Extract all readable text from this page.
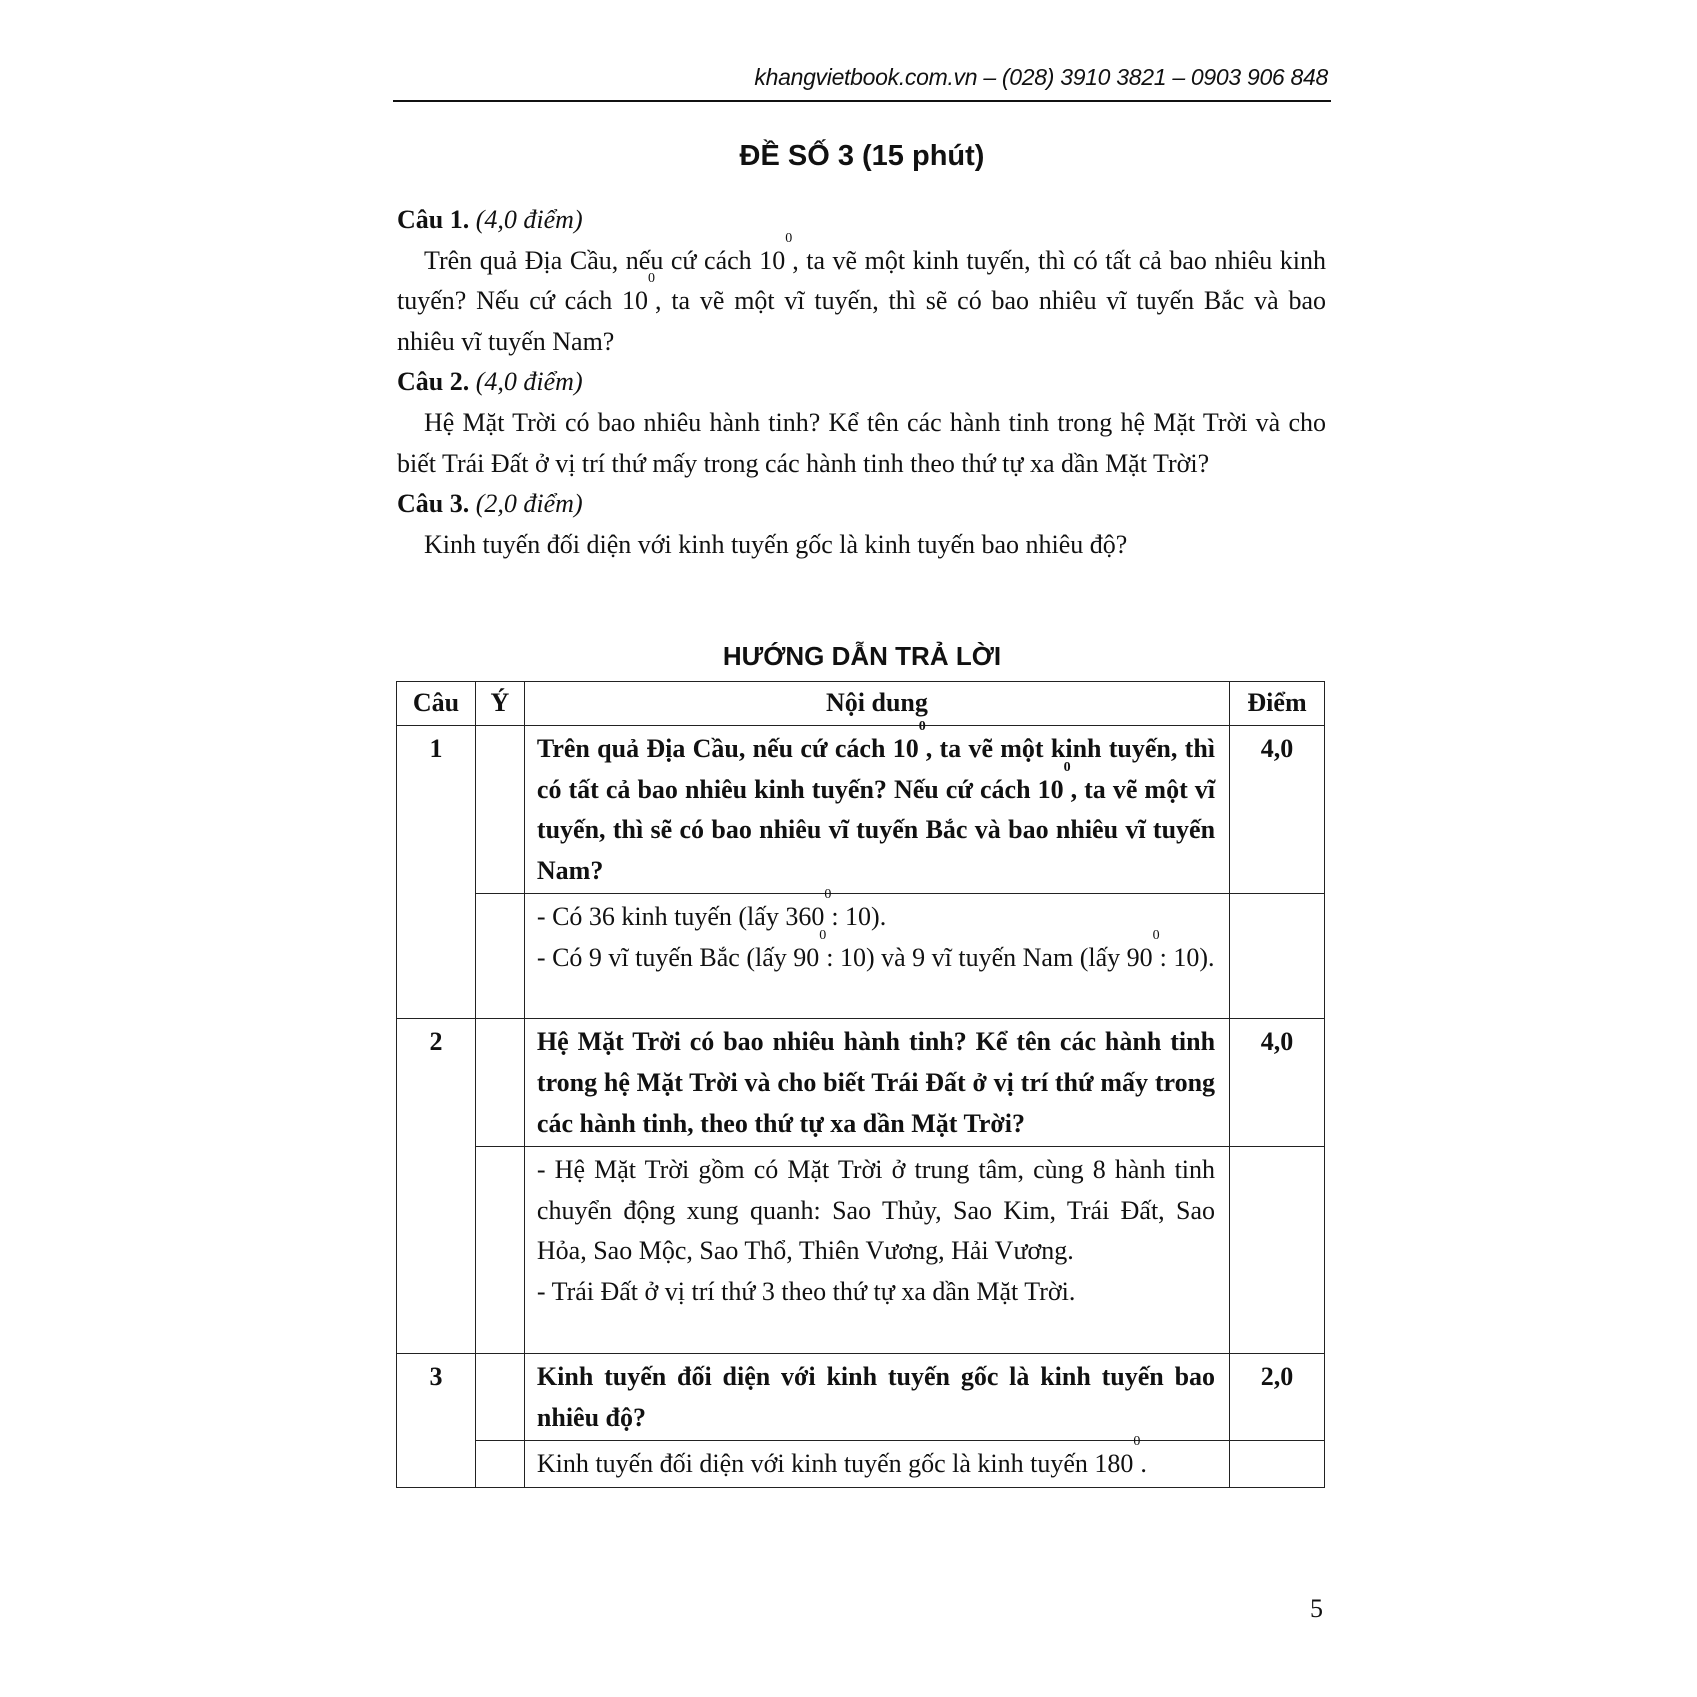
khangvietbook.com.vn – (028) 3910 3821 – 0903 906 848
ĐỀ SỐ 3 (15 phút)

Câu 1. (4,0 điểm)

Trên quả Địa Cầu, nếu cứ cách $10^0$, ta vẽ một kinh tuyến, thì có tất cả bao nhiêu kinh tuyến? Nếu cứ cách $10^0$, ta vẽ một vĩ tuyến, thì sẽ có bao nhiêu vĩ tuyến Bắc và bao nhiêu vĩ tuyến Nam?

Câu 2. (4,0 điểm)

Hệ Mặt Trời có bao nhiêu hành tinh? Kể tên các hành tinh trong hệ Mặt Trời và cho biết Trái Đất ở vị trí thứ mấy trong các hành tinh theo thứ tự xa dần Mặt Trời?

Câu 3. (2,0 điểm)

Kinh tuyến đối diện với kinh tuyến gốc là kinh tuyến bao nhiêu độ?

HƯỚNG DẪN TRẢ LỜI
Câu	Ý	Nội dung	Điểm
1		Trên quả Địa Cầu, nếu cứ cách $10^0$, ta vẽ một kinh tuyến, thì có tất cả bao nhiêu kinh tuyến? Nếu cứ cách $10^0$, ta vẽ một vĩ tuyến, thì sẽ có bao nhiêu vĩ tuyến Bắc và bao nhiêu vĩ tuyến Nam?	4,0

		- Có 36 kinh tuyến (lấy $360^0$: 10).
- Có 9 vĩ tuyến Bắc (lấy $90^0$: 10) và 9 vĩ tuyến Nam (lấy $90^0$: 10).	

2		Hệ Mặt Trời có bao nhiêu hành tinh? Kể tên các hành tinh trong hệ Mặt Trời và cho biết Trái Đất ở vị trí thứ mấy trong các hành tinh, theo thứ tự xa dần Mặt Trời?	4,0

		- Hệ Mặt Trời gồm có Mặt Trời ở trung tâm, cùng 8 hành tinh chuyển động xung quanh: Sao Thủy, Sao Kim, Trái Đất, Sao Hỏa, Sao Mộc, Sao Thổ, Thiên Vương, Hải Vương.
- Trái Đất ở vị trí thứ 3 theo thứ tự xa dần Mặt Trời.	

3		Kinh tuyến đối diện với kinh tuyến gốc là kinh tuyến bao nhiêu độ?	2,0
		Kinh tuyến đối diện với kinh tuyến gốc là kinh tuyến $180^0$.	
5
